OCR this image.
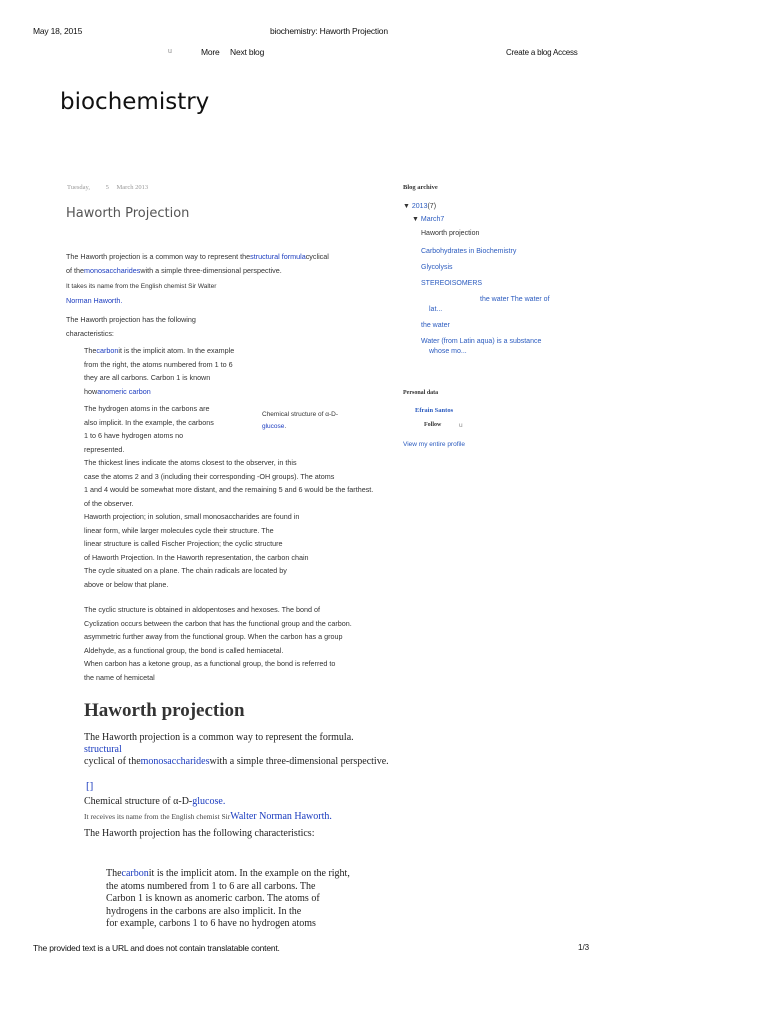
May 18, 2015	biochemistry: Haworth Projection
u	More Next blog	Create a blog Access
biochemistry
Tuesday, 5 March 2013
Haworth Projection
The Haworth projection is a common way to represent thestructural formulacyclical
of themonosaccharideswith a simple three-dimensional perspective.
It takes its name from the English chemist Sir Walter
Norman Haworth.
The Haworth projection has the following
characteristics:
Thecarbonit is the implicit atom. In the example
from the right, the atoms numbered from 1 to 6
they are all carbons. Carbon 1 is known
howanomeric carbon
The hydrogen atoms in the carbons are
also implicit. In the example, the carbons
1 to 6 have hydrogen atoms no
represented.
Chemical structure of α-D-
glucose.
The thickest lines indicate the atoms closest to the observer, in this
case the atoms 2 and 3 (including their corresponding -OH groups). The atoms
1 and 4 would be somewhat more distant, and the remaining 5 and 6 would be the farthest.
of the observer.
Haworth projection; in solution, small monosaccharides are found in
linear form, while larger molecules cycle their structure. The
linear structure is called Fischer Projection; the cyclic structure
of Haworth Projection. In the Haworth representation, the carbon chain
The cycle situated on a plane. The chain radicals are located by
above or below that plane.
The cyclic structure is obtained in aldopentoses and hexoses. The bond of
Cyclization occurs between the carbon that has the functional group and the carbon.
asymmetric further away from the functional group. When the carbon has a group
Aldehyde, as a functional group, the bond is called hemiacetal.
When carbon has a ketone group, as a functional group, the bond is referred to
the name of hemicetal
Haworth projection
The Haworth projection is a common way to represent the formula.
structural
cyclical of themonosaccharideswith a simple three-dimensional perspective.
[]
Chemical structure of α-D-glucose.
It receives its name from the English chemist SirWalter Norman Haworth.
The Haworth projection has the following characteristics:
Thecarbonit is the implicit atom. In the example on the right,
the atoms numbered from 1 to 6 are all carbons. The
Carbon 1 is known as anomeric carbon. The atoms of
hydrogens in the carbons are also implicit. In the
for example, carbons 1 to 6 have no hydrogen atoms
Blog archive
▼ 2013(7)
▼ March7
Haworth projection
Carbohydrates in Biochemistry
Glycolysis
STEREOISOMERS
the water The water of
lat...
the water
Water (from Latin aqua) is a substance
whose mo...
Personal data
Efrain Santos
Follow	u
View my entire profile
The provided text is a URL and does not contain translatable content.	1/3
